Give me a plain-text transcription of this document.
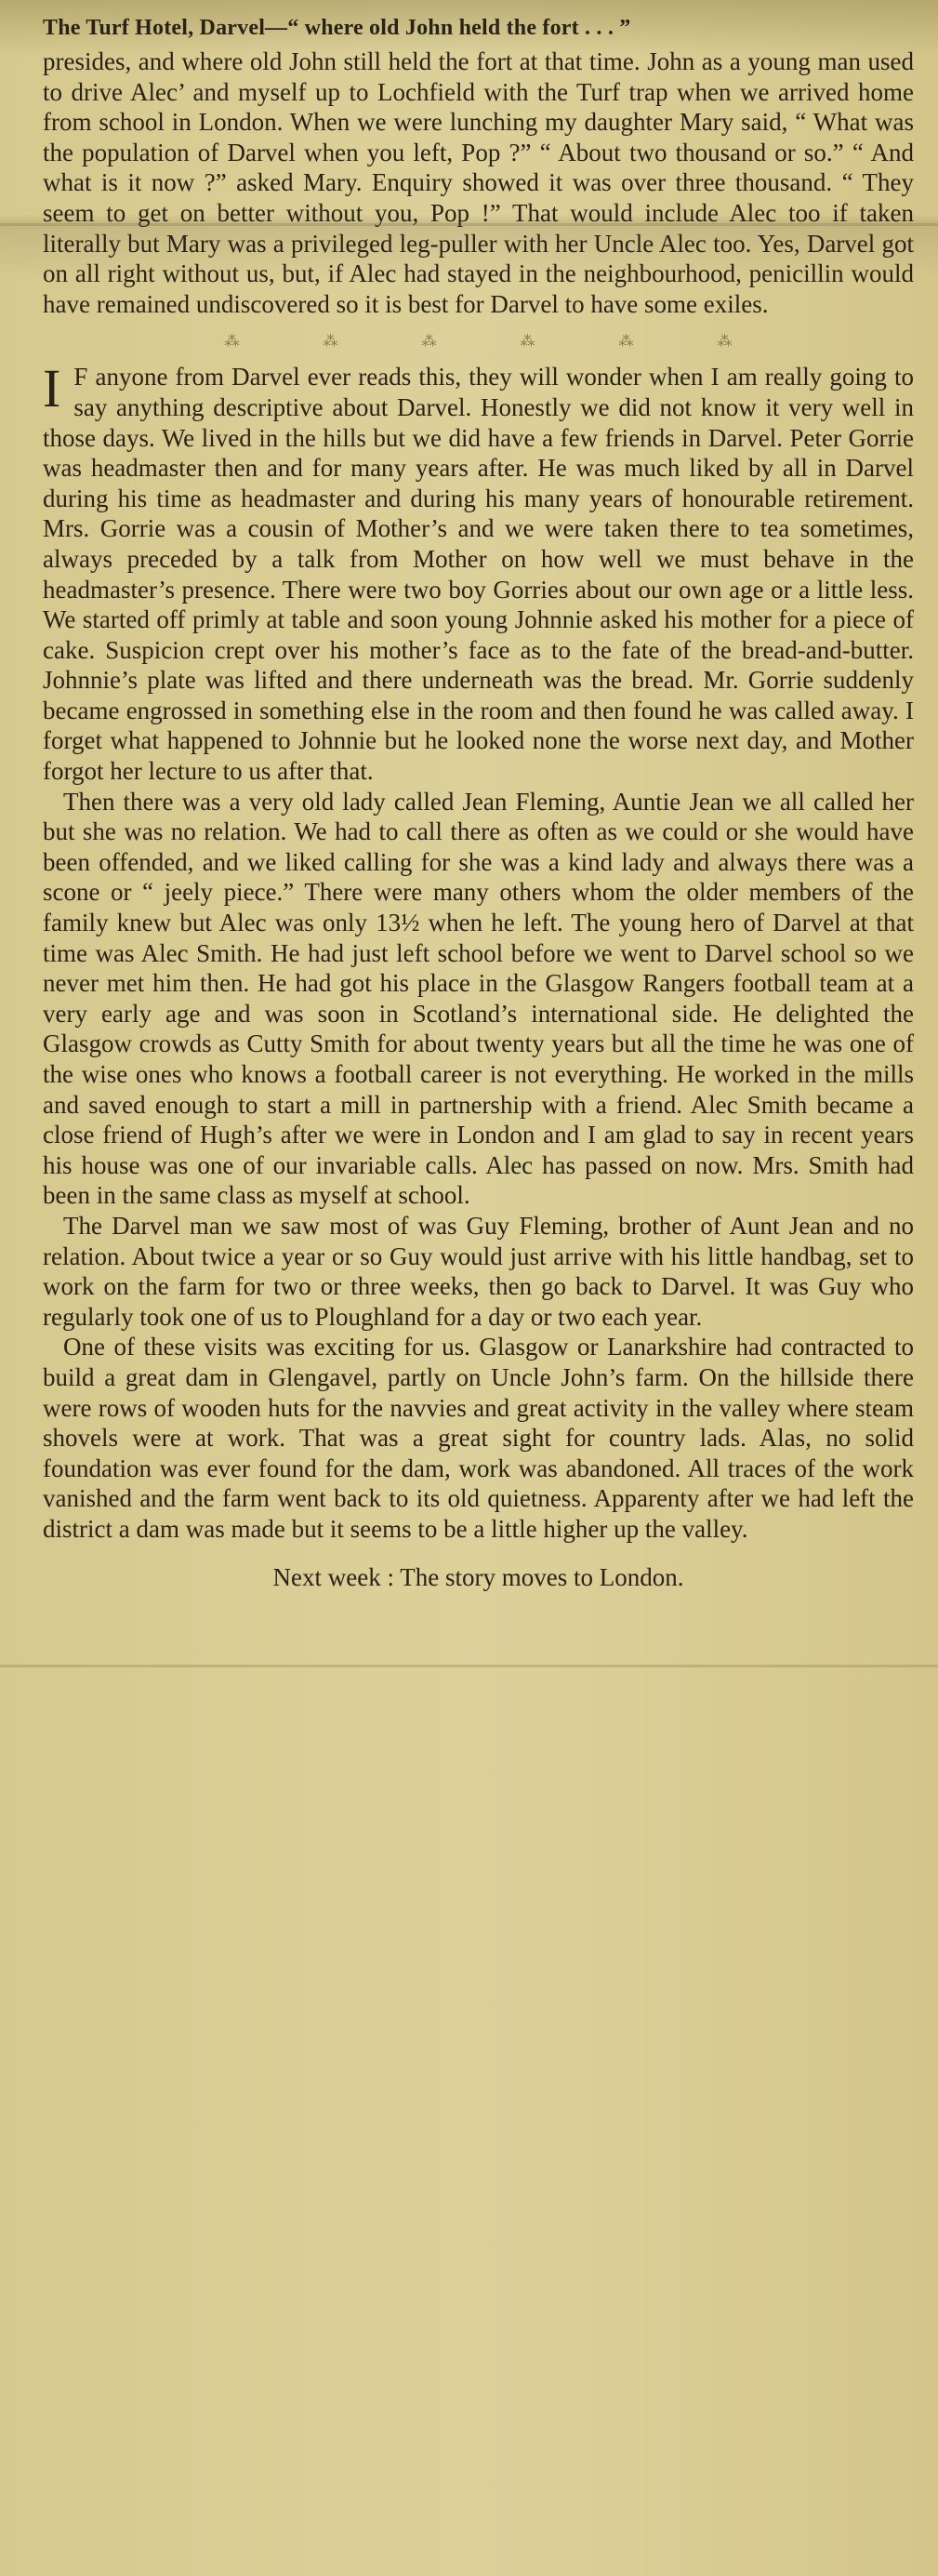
The Turf Hotel, Darvel—“ where old John held the fort . . . ”

presides, and where old John still held the fort at that time. John as a young man used to drive Alec’ and myself up to Lochfield with the Turf trap when we arrived home from school in London. When we were lunching my daughter Mary said, “ What was the population of Darvel when you left, Pop ?” “ About two thousand or so.” “ And what is it now ?” asked Mary. Enquiry showed it was over three thousand. “ They seem to get on better without you, Pop !” That would include Alec too if taken literally but Mary was a privileged leg-puller with her Uncle Alec too. Yes, Darvel got on all right without us, but, if Alec had stayed in the neighbourhood, penicillin would have remained undiscovered so it is best for Darvel to have some exiles.

⁂	⁂	⁂	⁂	⁂	⁂

I F anyone from Darvel ever reads this, they will wonder when I am really going to say anything descriptive about Darvel. Honestly we did not know it very well in those days. We lived in the hills but we did have a few friends in Darvel. Peter Gorrie was headmaster then and for many years after. He was much liked by all in Darvel during his time as headmaster and during his many years of honourable retirement. Mrs. Gorrie was a cousin of Mother’s and we were taken there to tea sometimes, always preceded by a talk from Mother on how well we must behave in the headmaster’s presence. There were two boy Gorries about our own age or a little less. We started off primly at table and soon young Johnnie asked his mother for a piece of cake. Suspicion crept over his mother’s face as to the fate of the bread-and-butter. Johnnie’s plate was lifted and there underneath was the bread. Mr. Gorrie suddenly became engrossed in something else in the room and then found he was called away. I forget what happened to Johnnie but he looked none the worse next day, and Mother forgot her lecture to us after that.

Then there was a very old lady called Jean Fleming, Auntie Jean we all called her but she was no relation. We had to call there as often as we could or she would have been offended, and we liked calling for she was a kind lady and always there was a scone or “ jeely piece.” There were many others whom the older members of the family knew but Alec was only 13½ when he left. The young hero of Darvel at that time was Alec Smith. He had just left school before we went to Darvel school so we never met him then. He had got his place in the Glasgow Rangers football team at a very early age and was soon in Scotland’s international side. He delighted the Glasgow crowds as Cutty Smith for about twenty years but all the time he was one of the wise ones who knows a football career is not everything. He worked in the mills and saved enough to start a mill in partnership with a friend. Alec Smith became a close friend of Hugh’s after we were in London and I am glad to say in recent years his house was one of our invariable calls. Alec has passed on now. Mrs. Smith had been in the same class as myself at school.

The Darvel man we saw most of was Guy Fleming, brother of Aunt Jean and no relation. About twice a year or so Guy would just arrive with his little handbag, set to work on the farm for two or three weeks, then go back to Darvel. It was Guy who regularly took one of us to Ploughland for a day or two each year.

One of these visits was exciting for us. Glasgow or Lanarkshire had contracted to build a great dam in Glengavel, partly on Uncle John’s farm. On the hillside there were rows of wooden huts for the navvies and great activity in the valley where steam shovels were at work. That was a great sight for country lads. Alas, no solid foundation was ever found for the dam, work was abandoned. All traces of the work vanished and the farm went back to its old quietness. Apparenty after we had left the district a dam was made but it seems to be a little higher up the valley.

Next week : The story moves to London.
